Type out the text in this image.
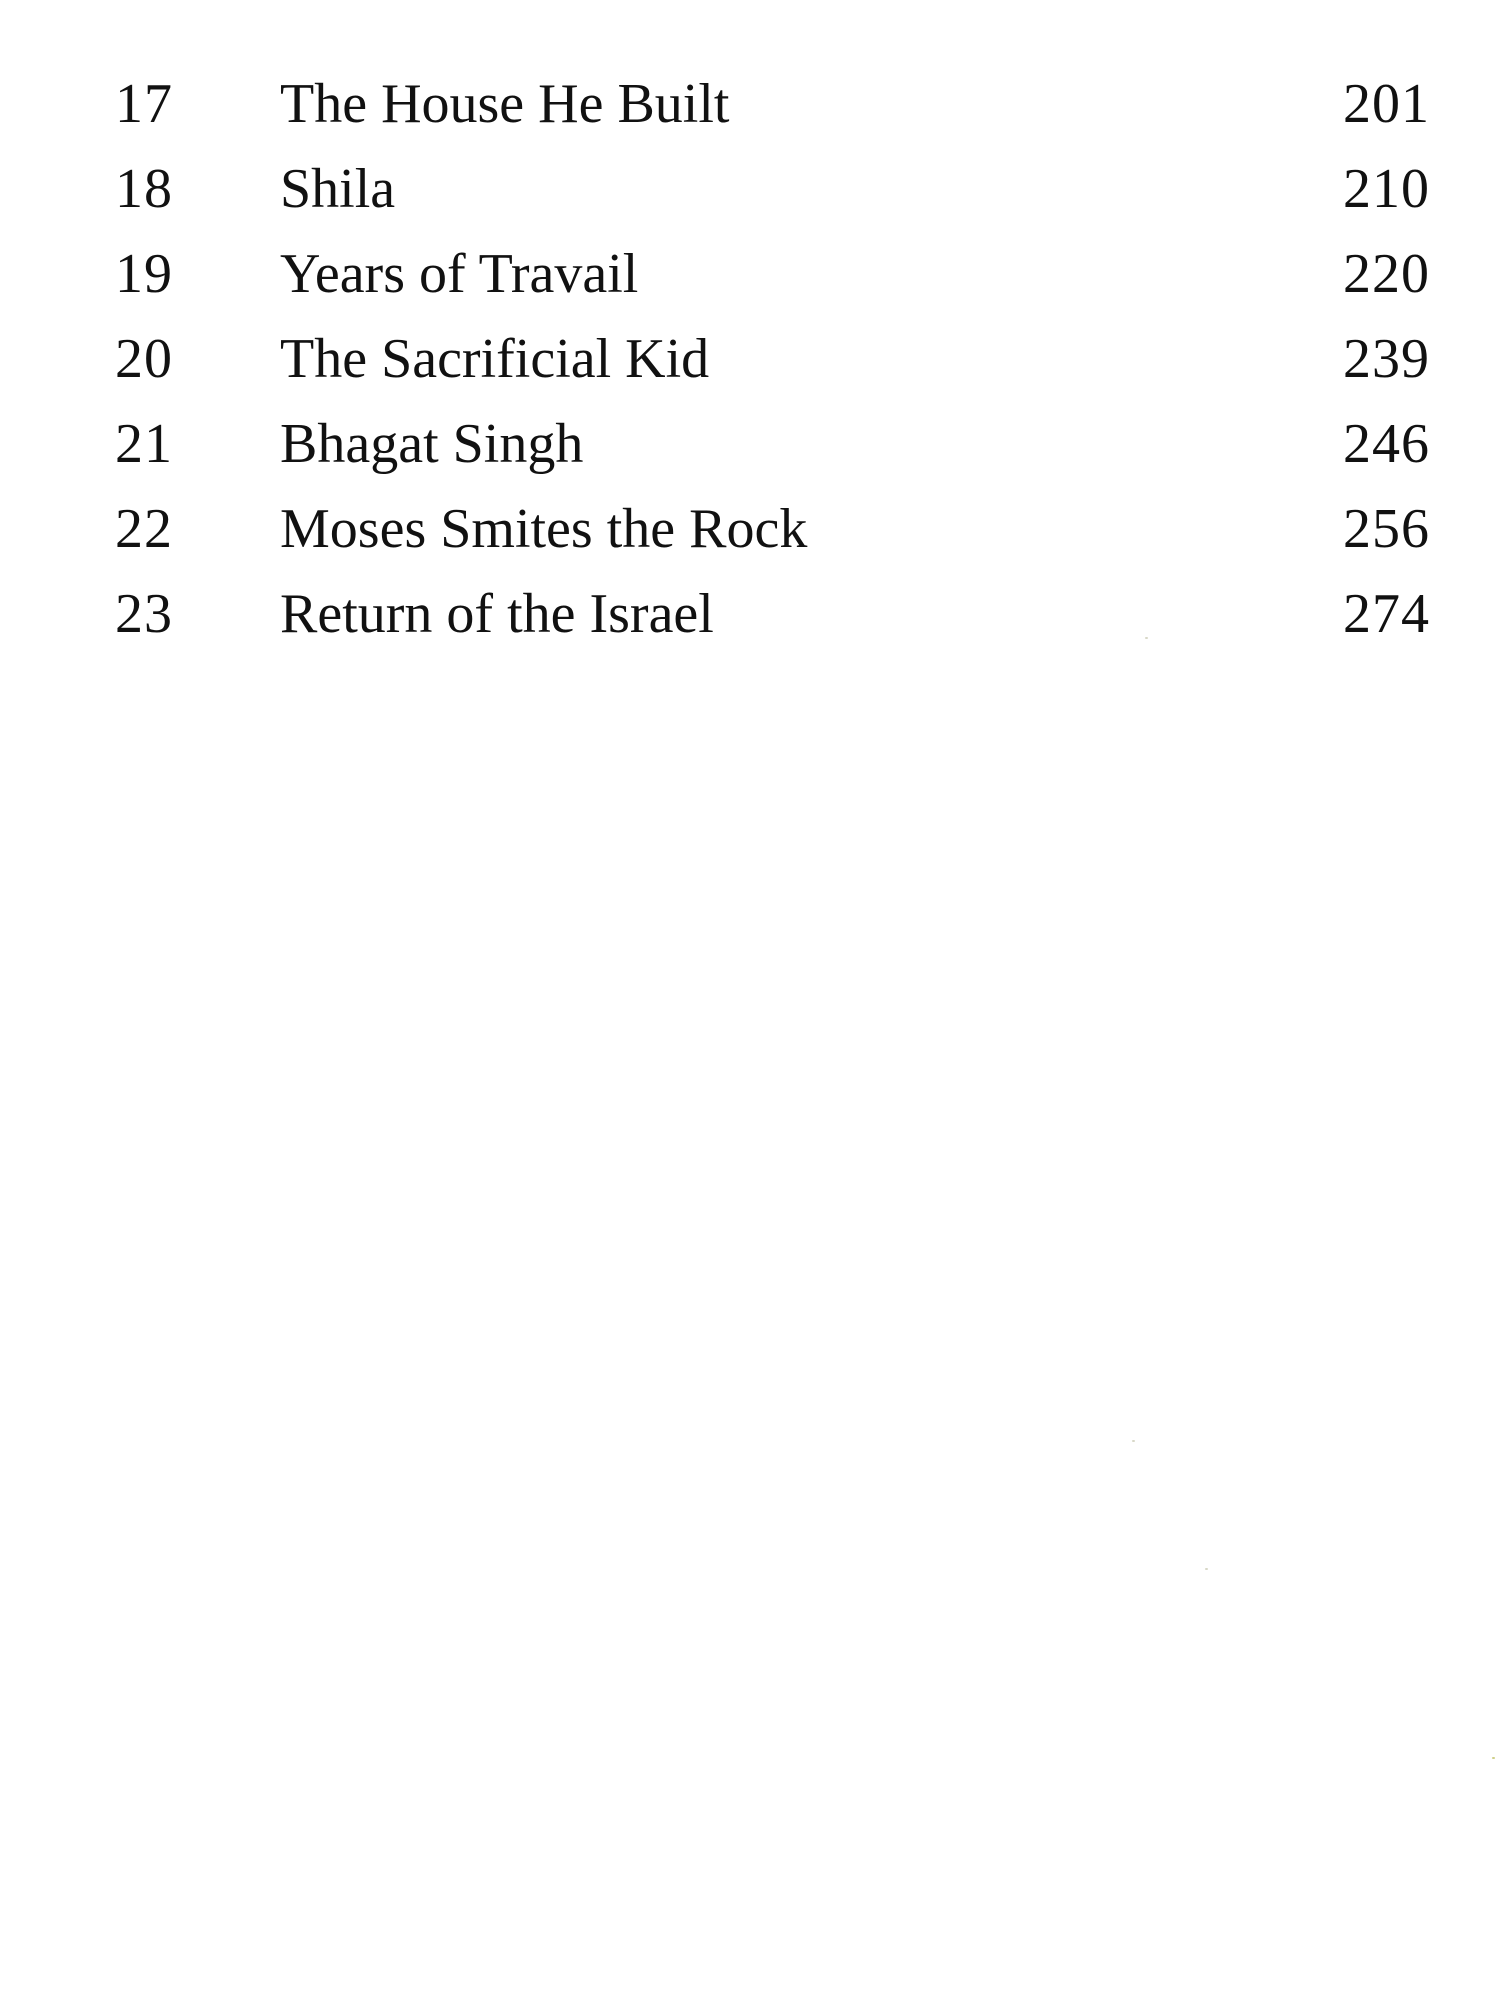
17 The House He Built	201
18 Shila	210
19 Years of Travail	220
20 The Sacrificial Kid	239
21 Bhagat Singh	246
22 Moses Smites the Rock	256
23 Return of the Israel	274
